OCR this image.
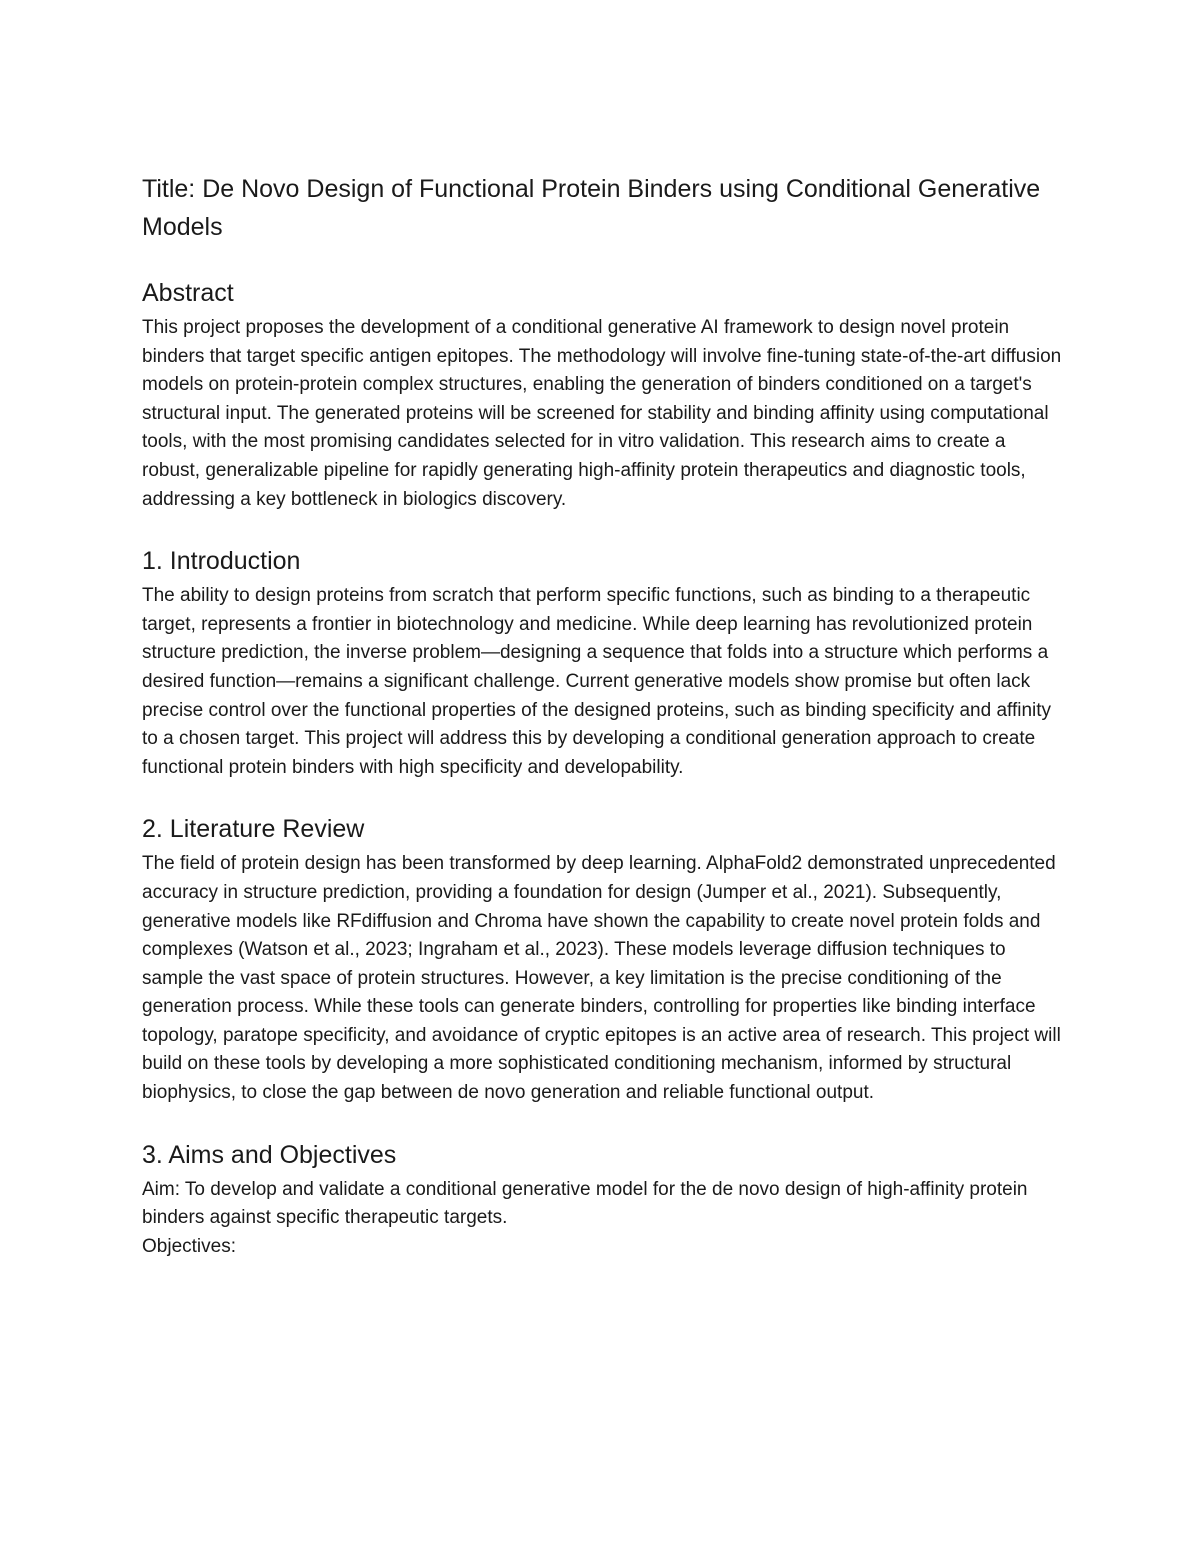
Title: De Novo Design of Functional Protein Binders using Conditional Generative Models
Abstract

This project proposes the development of a conditional generative AI framework to design novel protein binders that target specific antigen epitopes. The methodology will involve fine-tuning state-of-the-art diffusion models on protein-protein complex structures, enabling the generation of binders conditioned on a target's structural input. The generated proteins will be screened for stability and binding affinity using computational tools, with the most promising candidates selected for in vitro validation. This research aims to create a robust, generalizable pipeline for rapidly generating high-affinity protein therapeutics and diagnostic tools, addressing a key bottleneck in biologics discovery.

1. Introduction

The ability to design proteins from scratch that perform specific functions, such as binding to a therapeutic target, represents a frontier in biotechnology and medicine. While deep learning has revolutionized protein structure prediction, the inverse problem—designing a sequence that folds into a structure which performs a desired function—remains a significant challenge. Current generative models show promise but often lack precise control over the functional properties of the designed proteins, such as binding specificity and affinity to a chosen target. This project will address this by developing a conditional generation approach to create functional protein binders with high specificity and developability.

2. Literature Review

The field of protein design has been transformed by deep learning. AlphaFold2 demonstrated unprecedented accuracy in structure prediction, providing a foundation for design (Jumper et al., 2021). Subsequently, generative models like RFdiffusion and Chroma have shown the capability to create novel protein folds and complexes (Watson et al., 2023; Ingraham et al., 2023). These models leverage diffusion techniques to sample the vast space of protein structures. However, a key limitation is the precise conditioning of the generation process. While these tools can generate binders, controlling for properties like binding interface topology, paratope specificity, and avoidance of cryptic epitopes is an active area of research. This project will build on these tools by developing a more sophisticated conditioning mechanism, informed by structural biophysics, to close the gap between de novo generation and reliable functional output.

3. Aims and Objectives
Aim: To develop and validate a conditional generative model for the de novo design of high-affinity protein binders against specific therapeutic targets.
Objectives:
